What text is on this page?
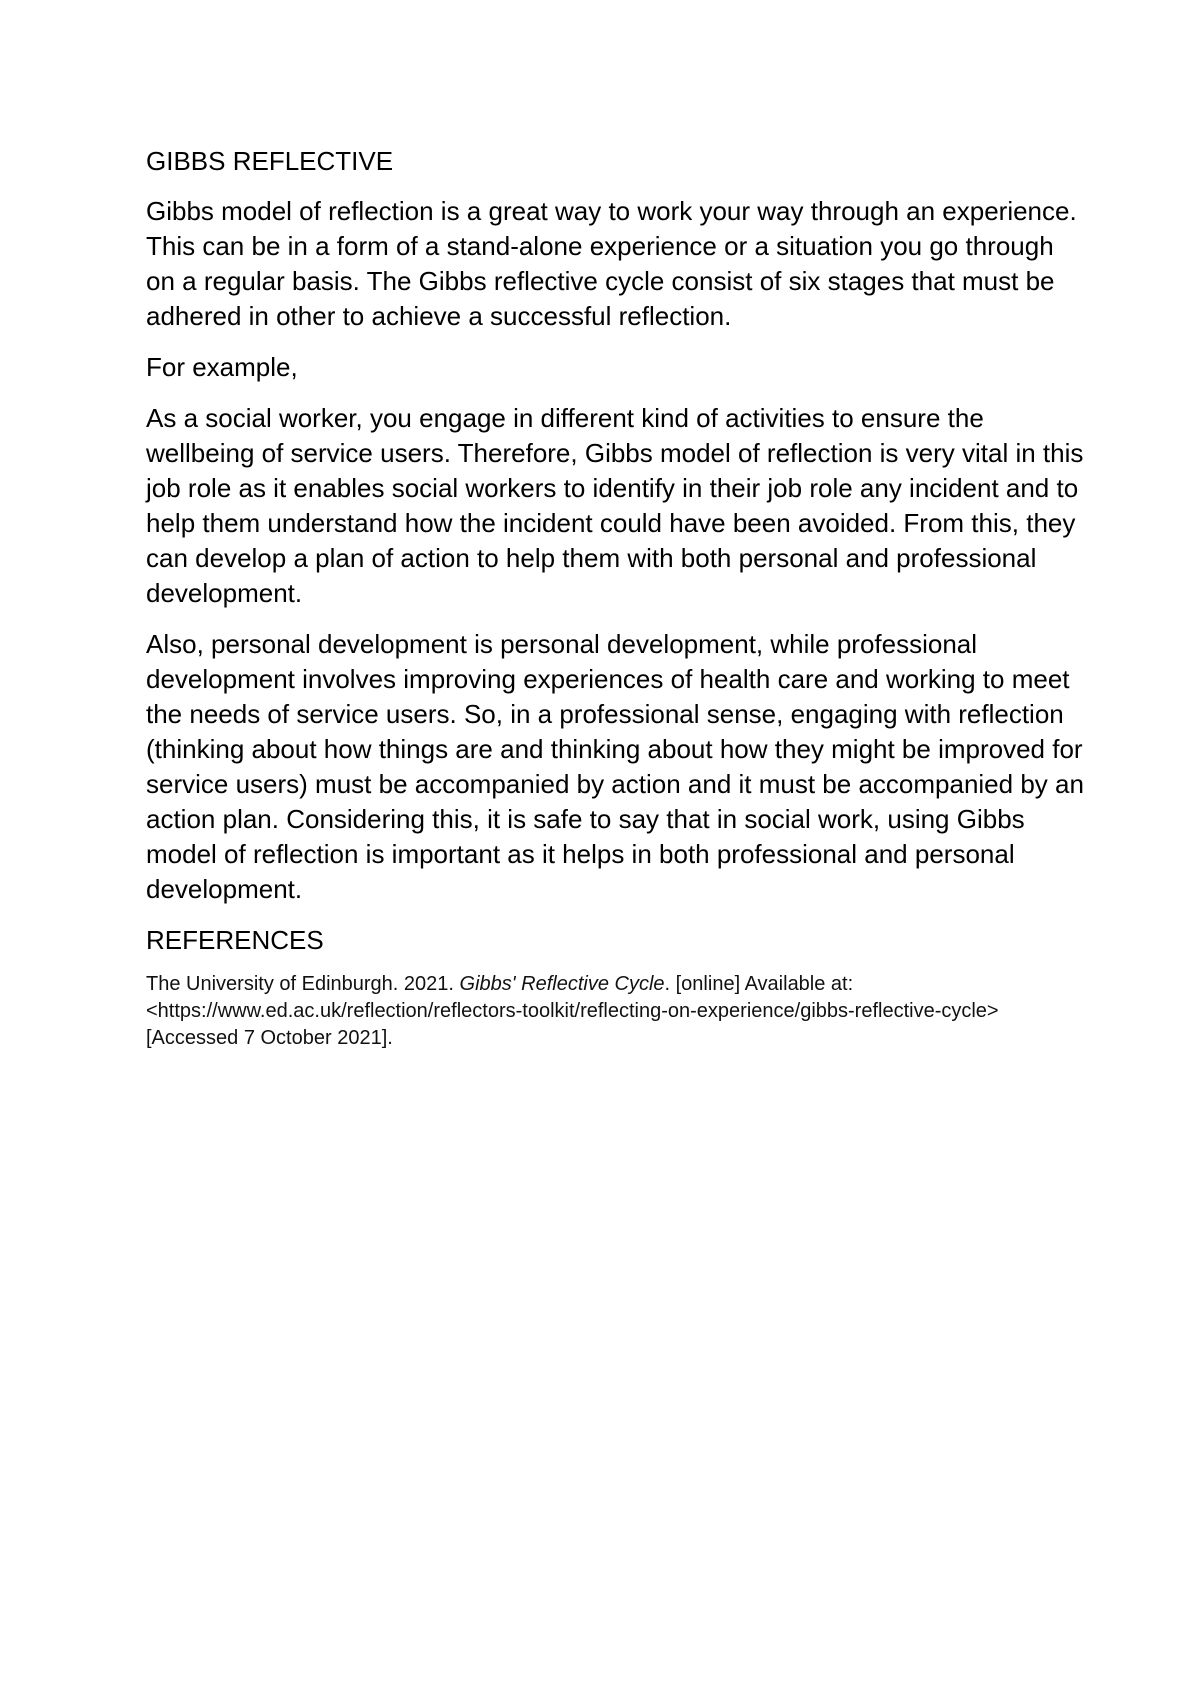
GIBBS REFLECTIVE

Gibbs model of reflection is a great way to work your way through an experience. This can be in a form of a stand-alone experience or a situation you go through on a regular basis. The Gibbs reflective cycle consist of six stages that must be adhered in other to achieve a successful reflection.

For example,

As a social worker, you engage in different kind of activities to ensure the wellbeing of service users. Therefore, Gibbs model of reflection is very vital in this job role as it enables social workers to identify in their job role any incident and to help them understand how the incident could have been avoided. From this, they can develop a plan of action to help them with both personal and professional development.

Also, personal development is personal development, while professional development involves improving experiences of health care and working to meet the needs of service users. So, in a professional sense, engaging with reflection (thinking about how things are and thinking about how they might be improved for service users) must be accompanied by action and it must be accompanied by an action plan. Considering this, it is safe to say that in social work, using Gibbs model of reflection is important as it helps in both professional and personal development.

REFERENCES

The University of Edinburgh. 2021. Gibbs' Reflective Cycle. [online] Available at:
<https://www.ed.ac.uk/reflection/reflectors-toolkit/reflecting-on-experience/gibbs-reflective-cycle>
[Accessed 7 October 2021].
